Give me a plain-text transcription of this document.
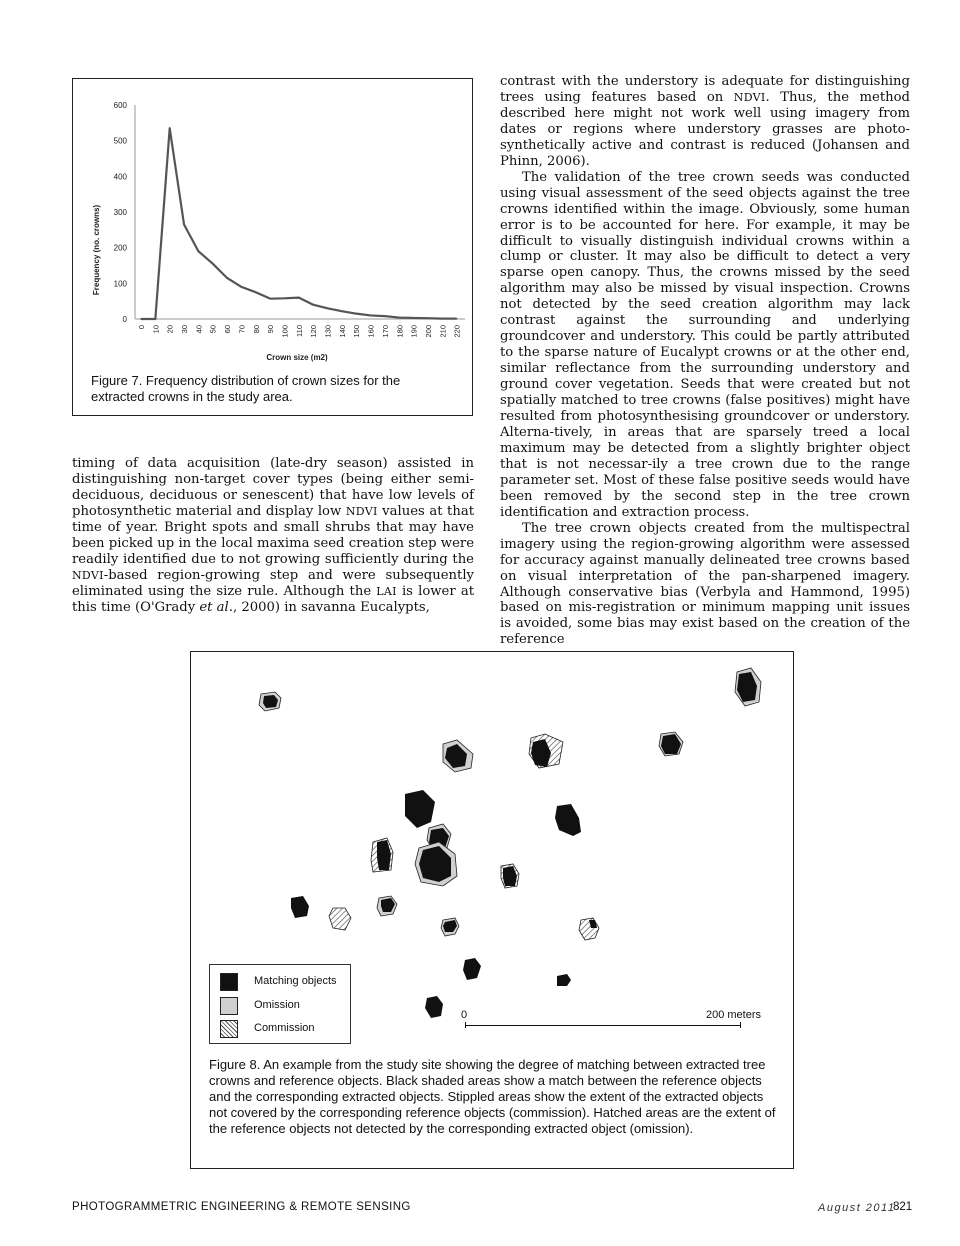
0
100
200
300
400
500
600
0 10 20 30 40 50 60 70 80 90 100 110 120 130 140 150 160 170 180 190 200 210 220
Frequency (no. crowns)
Crown size (m2)
Figure 7. Frequency distribution of crown sizes for the extracted crowns in the study area.

timing of data acquisition (late-dry season) assisted in distinguishing non-target cover types (being either semi-deciduous, deciduous or senescent) that have low levels of photosynthetic material and display low NDVI values at that time of year. Bright spots and small shrubs that may have been picked up in the local maxima seed creation step were readily identified due to not growing sufficiently during the NDVI-based region-growing step and were subsequently eliminated using the size rule. Although the LAI is lower at this time (O'Grady et al., 2000) in savanna Eucalypts,

contrast with the understory is adequate for distinguishing trees using features based on NDVI. Thus, the method described here might not work well using imagery from dates or regions where understory grasses are photo-synthetically active and contrast is reduced (Johansen and Phinn, 2006).

The validation of the tree crown seeds was conducted using visual assessment of the seed objects against the tree crowns identified within the image. Obviously, some human error is to be accounted for here. For example, it may be difficult to visually distinguish individual crowns within a clump or cluster. It may also be difficult to detect a very sparse open canopy. Thus, the crowns missed by the seed algorithm may also be missed by visual inspection. Crowns not detected by the seed creation algorithm may lack contrast against the surrounding and underlying groundcover and understory. This could be partly attributed to the sparse nature of Eucalypt crowns or at the other end, similar reflectance from the surrounding understory and ground cover vegetation. Seeds that were created but not spatially matched to tree crowns (false positives) might have resulted from photosynthesising groundcover or understory. Alterna-tively, in areas that are sparsely treed a local maximum may be detected from a slightly brighter object that is not necessar-ily a tree crown due to the range parameter set. Most of these false positive seeds would have been removed by the second step in the tree crown identification and extraction process.

The tree crown objects created from the multispectral imagery using the region-growing algorithm were assessed for accuracy against manually delineated tree crowns based on visual interpretation of the pan-sharpened imagery. Although conservative bias (Verbyla and Hammond, 1995) based on mis-registration or minimum mapping unit issues is avoided, some bias may exist based on the creation of the reference

Matching objects
Omission
Commission
0	200 meters
Figure 8. An example from the study site showing the degree of matching between extracted tree crowns and reference objects. Black shaded areas show a match between the reference objects and the corresponding extracted objects. Stippled areas show the extent of the extracted objects not covered by the corresponding reference objects (commission). Hatched areas are the extent of the reference objects not detected by the corresponding extracted object (omission).
PHOTOGRAMMETRIC ENGINEERING & REMOTE SENSING	August 2011
821
